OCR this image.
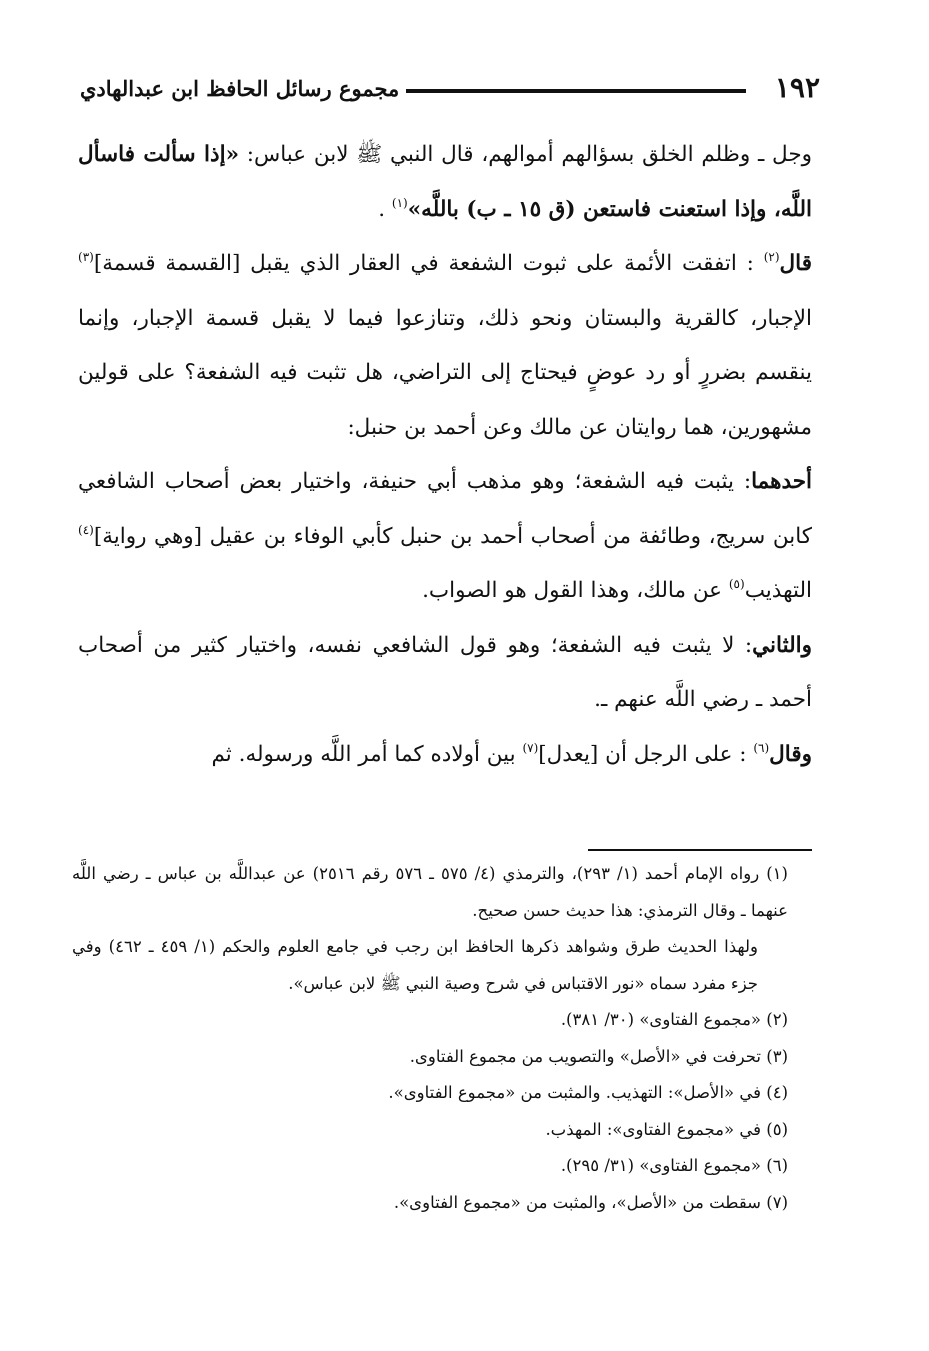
١٩٢
مجموع رسائل الحافظ ابن عبدالهادي

وجل ـ وظلم الخلق بسؤالهم أموالهم، قال النبي ﷺ لابن عباس: «إذا سألت فاسأل اللَّه، وإذا استعنت فاستعن (ق ١٥ ـ ب) باللَّه»$^{(١)}$ .

قال$^{(٢)}$ : اتفقت الأئمة على ثبوت الشفعة في العقار الذي يقبل [القسمة قسمة]$^{(٣)}$ الإجبار، كالقرية والبستان ونحو ذلك، وتنازعوا فيما لا يقبل قسمة الإجبار، وإنما ينقسم بضررٍ أو رد عوضٍ فيحتاج إلى التراضي، هل تثبت فيه الشفعة؟ على قولين مشهورين، هما روايتان عن مالك وعن أحمد بن حنبل:

أحدهما: يثبت فيه الشفعة؛ وهو مذهب أبي حنيفة، واختيار بعض أصحاب الشافعي كابن سريج، وطائفة من أصحاب أحمد بن حنبل كأبي الوفاء بن عقيل [وهي رواية]$^{(٤)}$ التهذيب$^{(٥)}$ عن مالك، وهذا القول هو الصواب.

والثاني: لا يثبت فيه الشفعة؛ وهو قول الشافعي نفسه، واختيار كثير من أصحاب أحمد ـ رضي اللَّه عنهم ـ.

وقال$^{(٦)}$ : على الرجل أن [يعدل]$^{(٧)}$ بين أولاده كما أمر اللَّه ورسوله. ثم

(١) رواه الإمام أحمد (١/ ٢٩٣)، والترمذي (٤/ ٥٧٥ ـ ٥٧٦ رقم ٢٥١٦) عن عبداللَّه بن عباس ـ رضي اللَّه عنهما ـ وقال الترمذي: هذا حديث حسن صحيح.

ولهذا الحديث طرق وشواهد ذكرها الحافظ ابن رجب في جامع العلوم والحكم (١/ ٤٥٩ ـ ٤٦٢) وفي جزء مفرد سماه «نور الاقتباس في شرح وصية النبي ﷺ لابن عباس».

(٢) «مجموع الفتاوى» (٣٠/ ٣٨١).

(٣) تحرفت في «الأصل» والتصويب من مجموع الفتاوى.

(٤) في «الأصل»: التهذيب. والمثبت من «مجموع الفتاوى».

(٥) في «مجموع الفتاوى»: المهذب.

(٦) «مجموع الفتاوى» (٣١/ ٢٩٥).

(٧) سقطت من «الأصل»، والمثبت من «مجموع الفتاوى».
